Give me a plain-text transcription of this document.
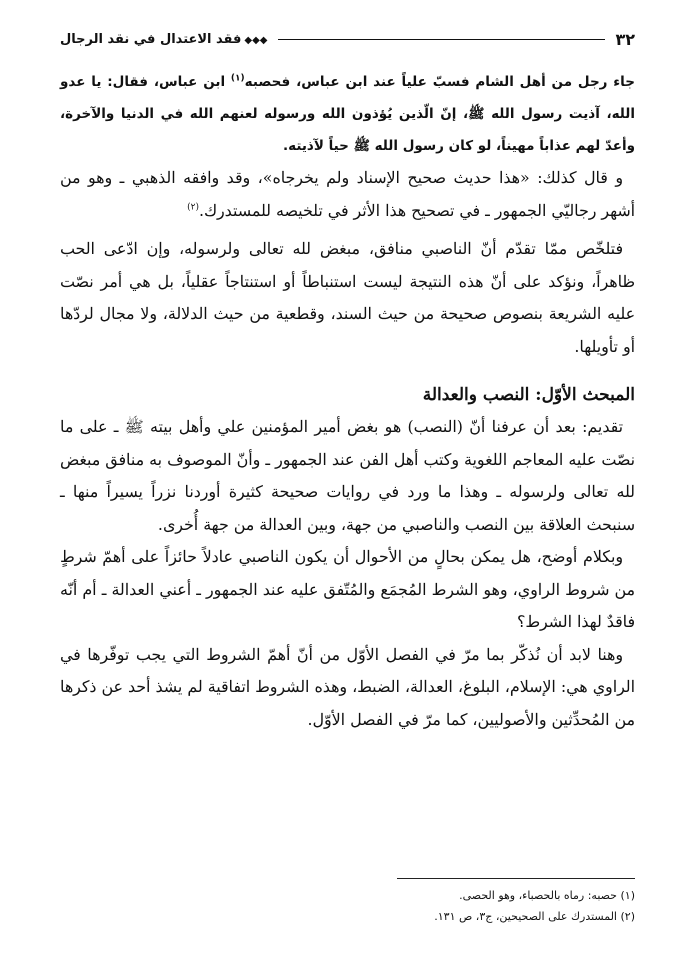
٣٢
◆◆◆فقد الاعتدال في نقد الرجال

جاء رجل من أهل الشام فسبّ علياً عند ابن عباس، فحصبه$^{(١)}$ ابن عباس، فقال: يا عدو الله، آذيت رسول الله ﷺ، إنّ الّذين يُؤذون الله ورسوله لعنهم الله في الدنيا والآخرة، وأعدّ لهم عذاباً مهيناً، لو كان رسول الله ﷺ حياً لآذيته.

و قال كذلك: «هذا حديث صحيح الإسناد ولم يخرجاه»، وقد وافقه الذهبي ـ وهو من أشهر رجاليّي الجمهور ـ في تصحيح هذا الأثر في تلخيصه للمستدرك.$^{(٢)}$

فتلخّص ممّا تقدّم أنّ الناصبي منافق، مبغض لله تعالى ولرسوله، وإن ادّعى الحب ظاهراً، ونؤكد على أنّ هذه النتيجة ليست استنباطاً أو استنتاجاً عقلياً، بل هي أمر نصّت عليه الشريعة بنصوص صحيحة من حيث السند، وقطعية من حيث الدلالة، ولا مجال لردّها أو تأويلها.

المبحث الأوّل: النصب والعدالة

تقديم: بعد أن عرفنا أنّ (النصب) هو بغض أمير المؤمنين علي وأهل بيته ﷺ ـ على ما نصّت عليه المعاجم اللغوية وكتب أهل الفن عند الجمهور ـ وأنّ الموصوف به منافق مبغض لله تعالى ولرسوله ـ وهذا ما ورد في روايات صحيحة كثيرة أوردنا نزراً يسيراً منها ـ سنبحث العلاقة بين النصب والناصبي من جهة، وبين العدالة من جهة أُخرى.

وبكلام أوضح، هل يمكن بحالٍ من الأحوال أن يكون الناصبي عادلاً حائزاً على أهمّ شرطٍ من شروط الراوي، وهو الشرط المُجمَع والمُتّفق عليه عند الجمهور ـ أعني العدالة ـ أم أنّه فاقدٌ لهذا الشرط؟

وهنا لابد أن نُذكّر بما مرّ في الفصل الأوّل من أنّ أهمّ الشروط التي يجب توفّرها في الراوي هي: الإسلام، البلوغ، العدالة، الضبط، وهذه الشروط اتفاقية لم يشذ أحد عن ذكرها من المُحدِّثين والأصوليين، كما مرّ في الفصل الأوّل.

(١) حصبه: رماه بالحصباء، وهو الحصى.

(٢) المستدرك على الصحيحين، ج٣، ص ١٣١.
